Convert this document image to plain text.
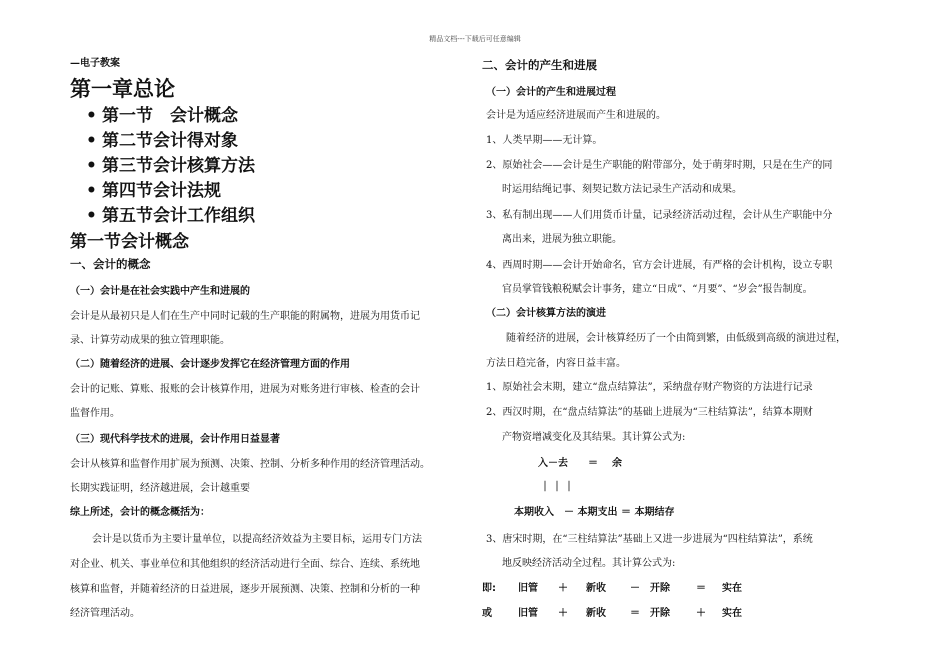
精品文档---下载后可任意编辑
—电子教案
第一章总论
• 第一节　会计概念
• 第二节会计得对象
• 第三节会计核算方法
• 第四节会计法规
• 第五节会计工作组织
第一节会计概念
一、会计的概念
（一）会计是在社会实践中产生和进展的
会计是从最初只是人们在生产中同时记载的生产职能的附属物，进展为用货币记
录、计算劳动成果的独立管理职能。
（二）随着经济的进展、会计逐步发挥它在经济管理方面的作用
会计的记账、算账、报账的会计核算作用，进展为对账务进行审核、检查的会计
监督作用。
（三）现代科学技术的进展，会计作用日益显著
会计从核算和监督作用扩展为预测、决策、控制、分析多种作用的经济管理活动。
长期实践证明，经济越进展，会计越重要
综上所述，会计的概念概括为：
会计是以货币为主要计量单位，以提高经济效益为主要目标，运用专门方法
对企业、机关、事业单位和其他组织的经济活动进行全面、综合、连续、系统地
核算和监督，并随着经济的日益进展，逐步开展预测、决策、控制和分析的一种
经济管理活动。
二、会计的产生和进展
（一）会计的产生和进展过程
会计是为适应经济进展而产生和进展的。
1、人类早期——无计算。
2、原始社会——会计是生产职能的附带部分，处于萌芽时期，只是在生产的同
时运用结绳记事、刻契记数方法记录生产活动和成果。
3、私有制出现——人们用货币计量，记录经济活动过程，会计从生产职能中分
离出来，进展为独立职能。
4、西周时期——会计开始命名，官方会计进展，有严格的会计机构，设立专职
官员掌管钱粮税赋会计事务，建立“日成”、“月要”、“岁会”报告制度。
（二）会计核算方法的演进
随着经济的进展，会计核算经历了一个由简到繁，由低级到高级的演进过程，
方法日趋完备，内容日益丰富。
1、原始社会末期，建立“盘点结算法”，采纳盘存财产物资的方法进行记录
2、西汉时期，在“盘点结算法”的基础上进展为“三柱结算法”，结算本期财
产物资增减变化及其结果。其计算公式为:
入－去 ＝ 余
｜｜｜
本期收入　－ 本期支出 ＝ 本期结存
3、唐宋时期，在“三柱结算法”基础上又进一步进展为“四柱结算法”，系统
地反映经济活动全过程。其计算公式为:
即: 旧管 ＋ 新收 － 开除	＝ 实在
或	旧管 ＋ 新收 ＝ 开除	＋ 实在
